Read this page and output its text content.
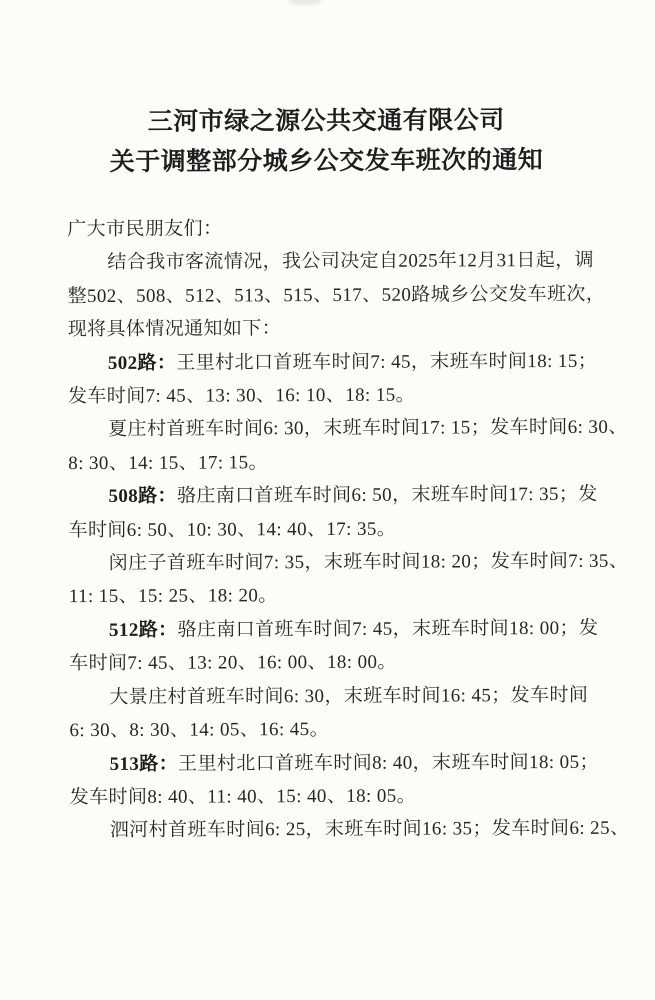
三河市绿之源公共交通有限公司
关于调整部分城乡公交发车班次的通知
广大市民朋友们：
结合我市客流情况，我公司决定自2025年12月31日起，调
整502、508、512、513、515、517、520路城乡公交发车班次，
现将具体情况通知如下：
502路：王里村北口首班车时间7: 45，末班车时间18: 15；
发车时间7: 45、13: 30、16: 10、18: 15。
夏庄村首班车时间6: 30，末班车时间17: 15；发车时间6: 30、
8: 30、14: 15、17: 15。
508路：骆庄南口首班车时间6: 50，末班车时间17: 35；发
车时间6: 50、10: 30、14: 40、17: 35。
闵庄子首班车时间7: 35，末班车时间18: 20；发车时间7: 35、
11: 15、15: 25、18: 20。
512路：骆庄南口首班车时间7: 45，末班车时间18: 00；发
车时间7: 45、13: 20、16: 00、18: 00。
大景庄村首班车时间6: 30，末班车时间16: 45；发车时间
6: 30、8: 30、14: 05、16: 45。
513路：王里村北口首班车时间8: 40，末班车时间18: 05；
发车时间8: 40、11: 40、15: 40、18: 05。
泗河村首班车时间6: 25，末班车时间16: 35；发车时间6: 25、
